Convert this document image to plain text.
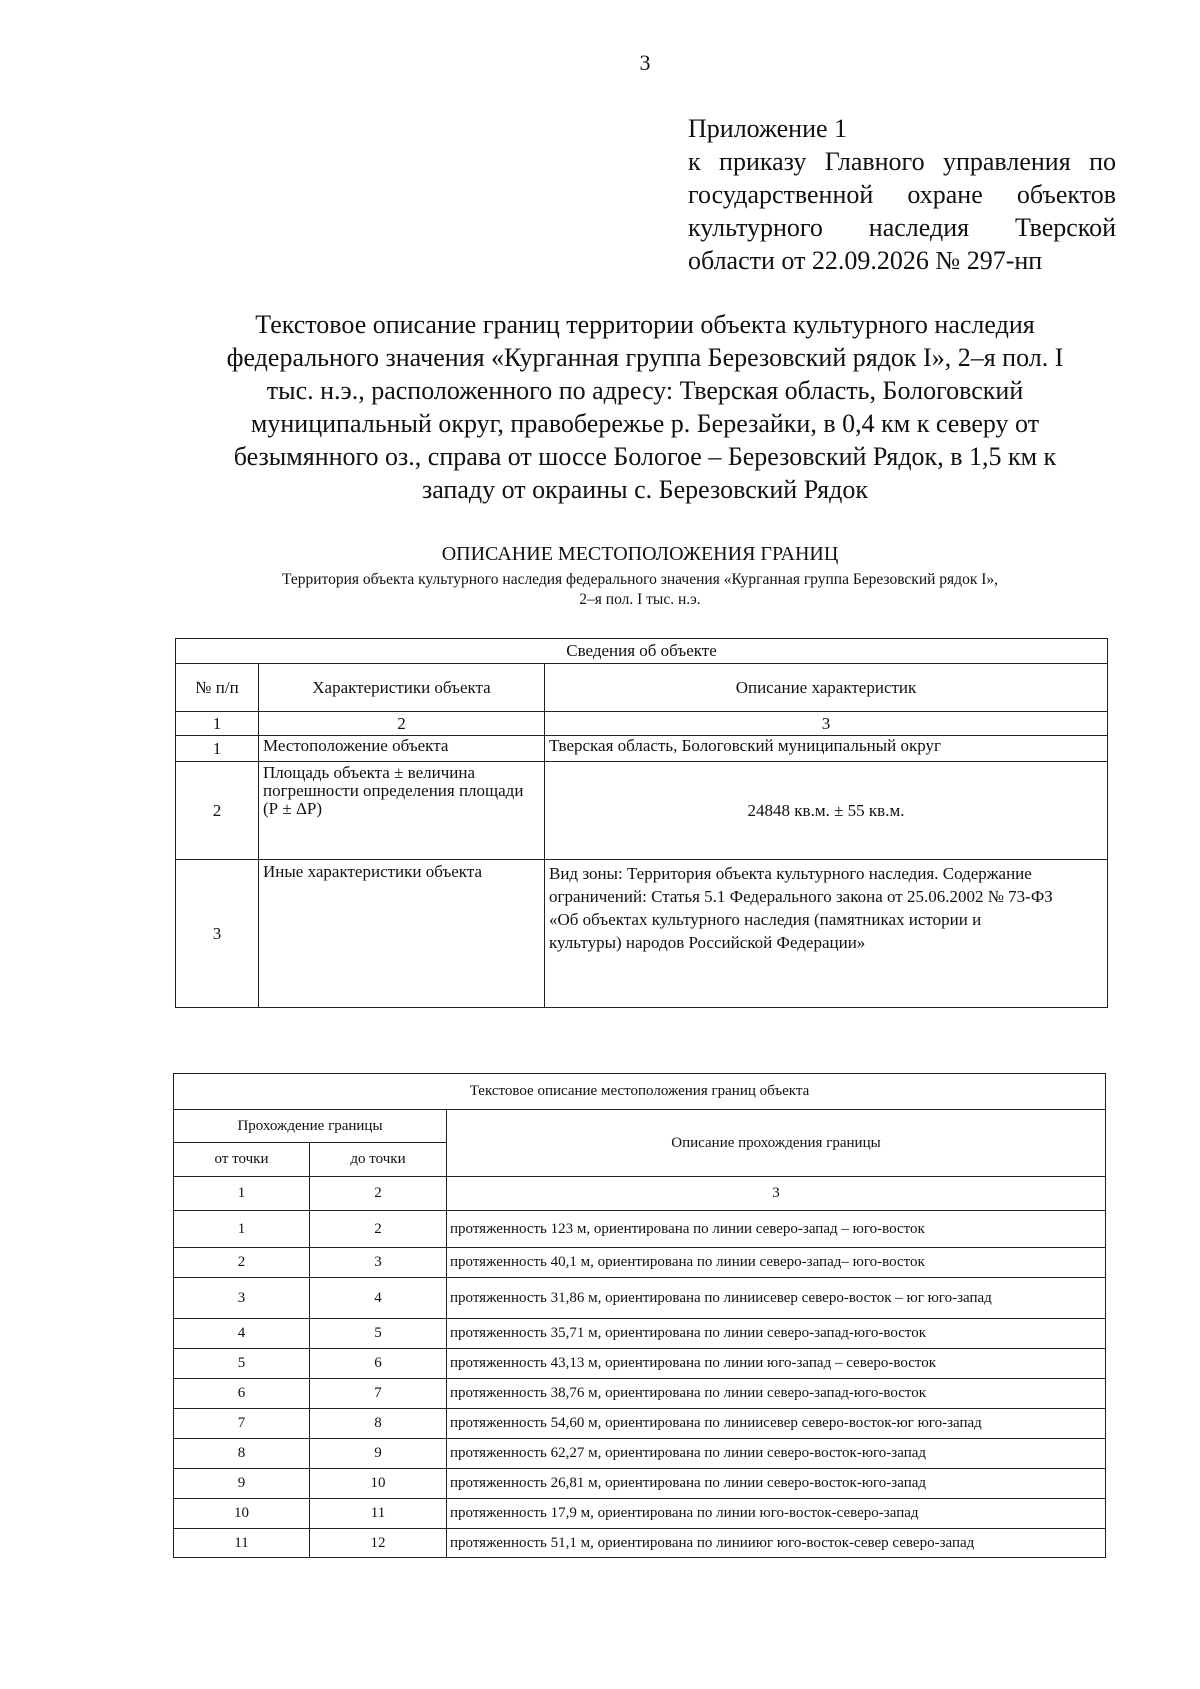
3
Приложение 1
к приказу Главного управления по
государственной охране объектов
культурного наследия Тверской
области от 22.09.2026 № 297-нп
Текстовое описание границ территории объекта культурного наследия
федерального значения «Курганная группа Березовский рядок I», 2–я пол. I
тыс. н.э., расположенного по адресу: Тверская область, Бологовский
муниципальный округ, правобережье р. Березайки, в 0,4 км к северу от
безымянного оз., справа от шоссе Бологое – Березовский Рядок, в 1,5 км к
западу от окраины с. Березовский Рядок
ОПИСАНИЕ МЕСТОПОЛОЖЕНИЯ ГРАНИЦ
Территория объекта культурного наследия федерального значения «Курганная группа Березовский рядок I»,
2–я пол. I тыс. н.э.
Сведения об объекте		
№ п/п	Характеристики объекта	Описание характеристик
1	2	3
1	Местоположение объекта	Тверская область, Бологовский муниципальный округ
2	Площадь объекта ± величина погрешности определения площади (Р ± ΔР)	24848 кв.м. ± 55 кв.м.
3	Иные характеристики объекта	Вид зоны: Территория объекта культурного наследия. Содержание ограничений: Статья 5.1 Федерального закона от 25.06.2002 № 73-ФЗ «Об объектах культурного наследия (памятниках истории и культуры) народов Российской Федерации»
Текстовое описание местоположения границ объекта		
Прохождение границы		Описание прохождения границы
от точки	до точки	
1	2	3
1	2	протяженность 123 м, ориентирована по линии северо-запад – юго-восток
2	3	протяженность 40,1 м, ориентирована по линии северо-запад– юго-восток
3	4	протяженность 31,86 м, ориентирована по линиисевер северо-восток – юг юго-запад
4	5	протяженность 35,71 м, ориентирована по линии северо-запад-юго-восток
5	6	протяженность 43,13 м, ориентирована по линии юго-запад – северо-восток
6	7	протяженность 38,76 м, ориентирована по линии северо-запад-юго-восток
7	8	протяженность 54,60 м, ориентирована по линиисевер северо-восток-юг юго-запад
8	9	протяженность 62,27 м, ориентирована по линии северо-восток-юго-запад
9	10	протяженность 26,81 м, ориентирована по линии северо-восток-юго-запад
10	11	протяженность 17,9 м, ориентирована по линии юго-восток-северо-запад
11	12	протяженность 51,1 м, ориентирована по линииюг юго-восток-север северо-запад
